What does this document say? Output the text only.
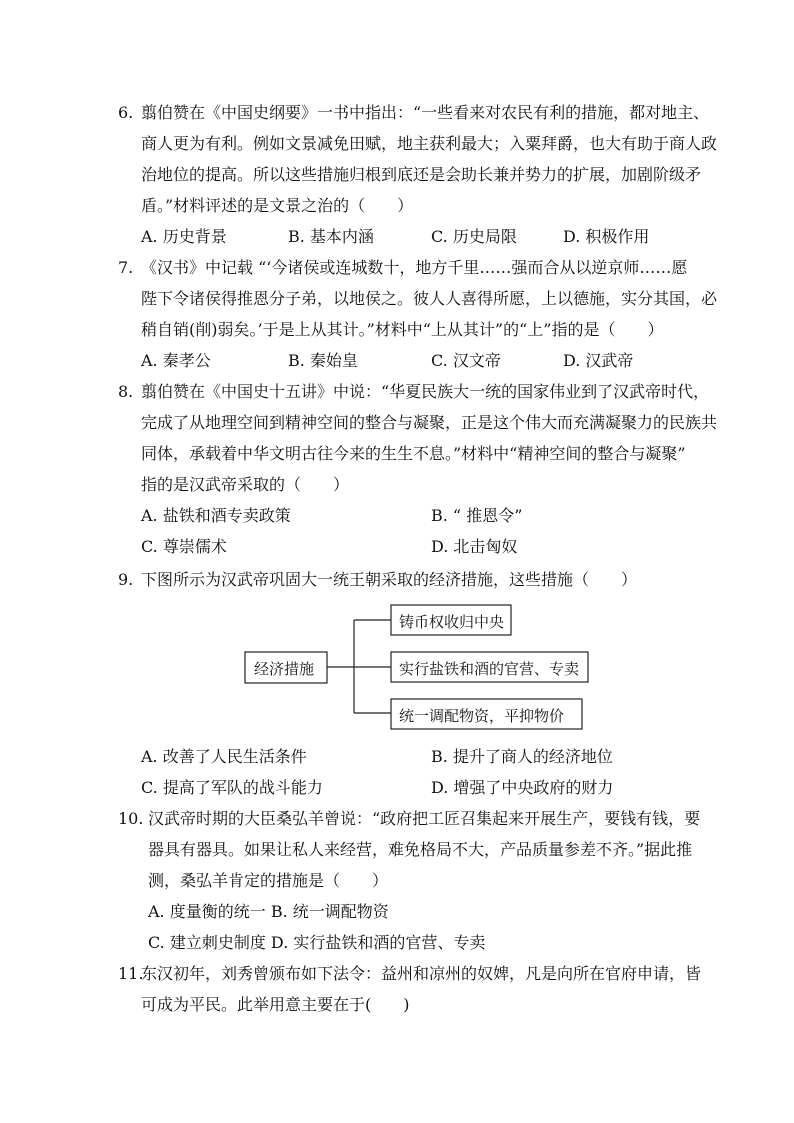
6. 翦伯赞在《中国史纲要》一书中指出：“一些看来对农民有利的措施，都对地主、
商人更为有利。例如文景减免田赋，地主获利最大；入粟拜爵，也大有助于商人政
治地位的提高。所以这些措施归根到底还是会助长兼并势力的扩展，加剧阶级矛
盾。”材料评述的是文景之治的（　　）
A. 历史背景	B. 基本内涵	C. 历史局限	D. 积极作用
7. 《汉书》中记载 “‘今诸侯或连城数十，地方千里……强而合从以逆京师……愿
陛下令诸侯得推恩分子弟，以地侯之。彼人人喜得所愿，上以德施，实分其国，必
稍自销(削)弱矣。’于是上从其计。”材料中“上从其计”的“上”指的是（　　）
A. 秦孝公	B. 秦始皇	C. 汉文帝	D. 汉武帝
8. 翦伯赞在《中国史十五讲》中说：“华夏民族大一统的国家伟业到了汉武帝时代，
完成了从地理空间到精神空间的整合与凝聚，正是这个伟大而充满凝聚力的民族共
同体，承载着中华文明古往今来的生生不息。”材料中“精神空间的整合与凝聚”
指的是汉武帝采取的（　　）
A. 盐铁和酒专卖政策	B. “ 推恩令”
C. 尊崇儒术	D. 北击匈奴
9. 下图所示为汉武帝巩固大一统王朝采取的经济措施，这些措施（　　）
经济措施
铸币权收归中央
实行盐铁和酒的官营、专卖
统一调配物资，平抑物价
A. 改善了人民生活条件	B. 提升了商人的经济地位
C. 提高了军队的战斗能力	D. 增强了中央政府的财力
10. 汉武帝时期的大臣桑弘羊曾说：“政府把工匠召集起来开展生产，要钱有钱，要
器具有器具。如果让私人来经营，难免格局不大，产品质量参差不齐。”据此推
测，桑弘羊肯定的措施是（　　）
A. 度量衡的统一 B. 统一调配物资
C. 建立刺史制度 D. 实行盐铁和酒的官营、专卖
11.东汉初年，刘秀曾颁布如下法令：益州和凉州的奴婢，凡是向所在官府申请，皆
可成为平民。此举用意主要在于(　　)
